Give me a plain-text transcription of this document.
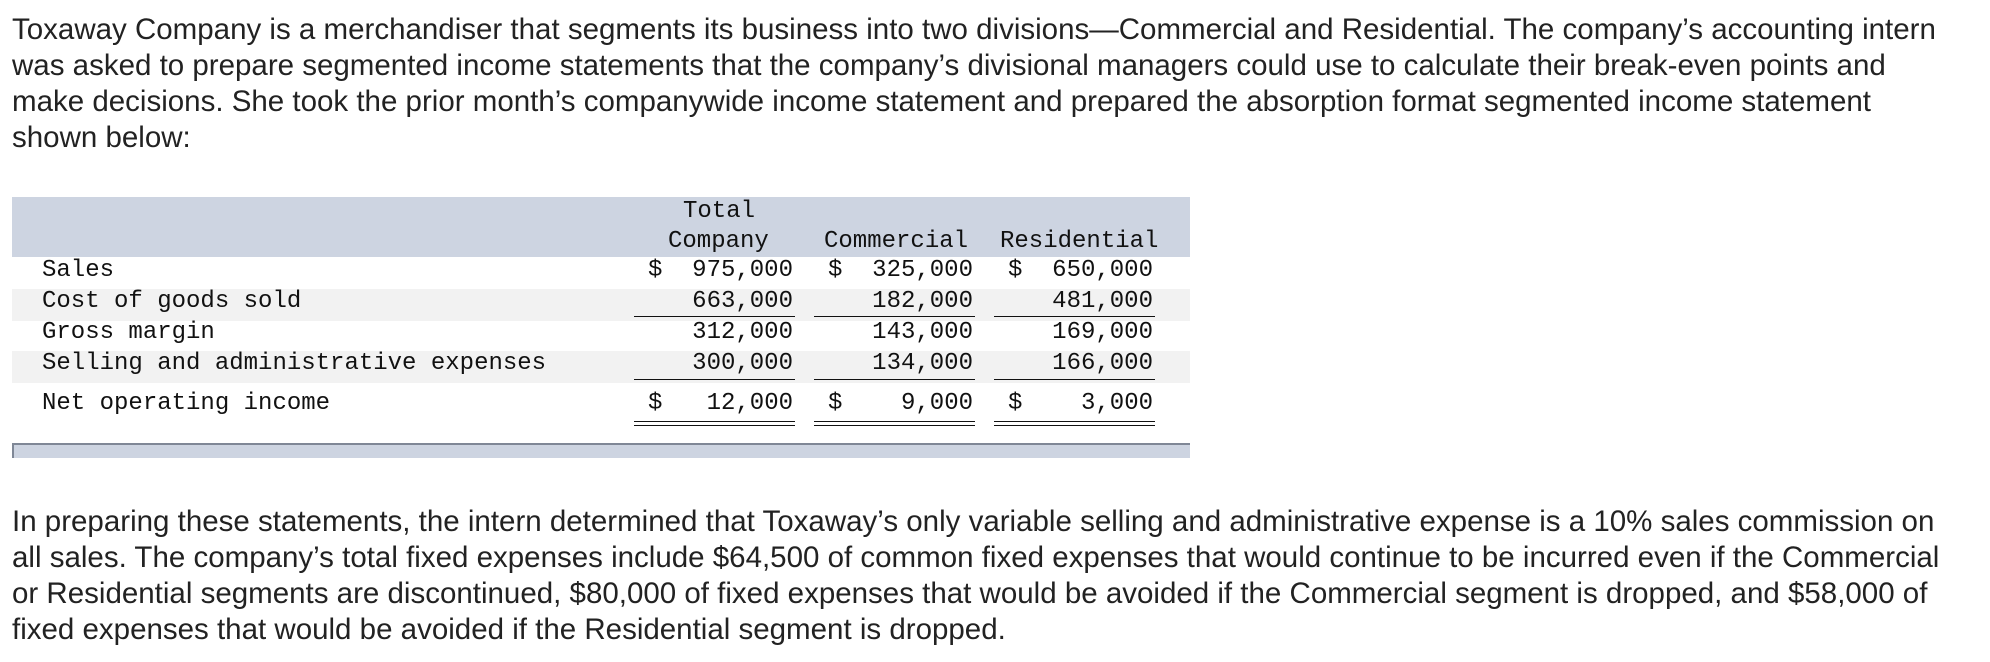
Toxaway Company is a merchandiser that segments its business into two divisions—Commercial and Residential. The company’s accounting intern was asked to prepare segmented income statements that the company’s divisional managers could use to calculate their break-even points and make decisions. She took the prior month’s companywide income statement and prepared the absorption format segmented income statement shown below:

Total
Company Commercial Residential
Sales	$ 975,000 $ 325,000 $ 650,000
Cost of goods sold	663,000	182,000	481,000
Gross margin	312,000	143,000	169,000
Selling and administrative expenses	300,000	134,000	166,000
Net operating income	$ 12,000 $ 9,000 $ 3,000

In preparing these statements, the intern determined that Toxaway’s only variable selling and administrative expense is a 10% sales commission on all sales. The company’s total fixed expenses include $64,500 of common fixed expenses that would continue to be incurred even if the Commercial or Residential segments are discontinued, $80,000 of fixed expenses that would be avoided if the Commercial segment is dropped, and $58,000 of fixed expenses that would be avoided if the Residential segment is dropped.
